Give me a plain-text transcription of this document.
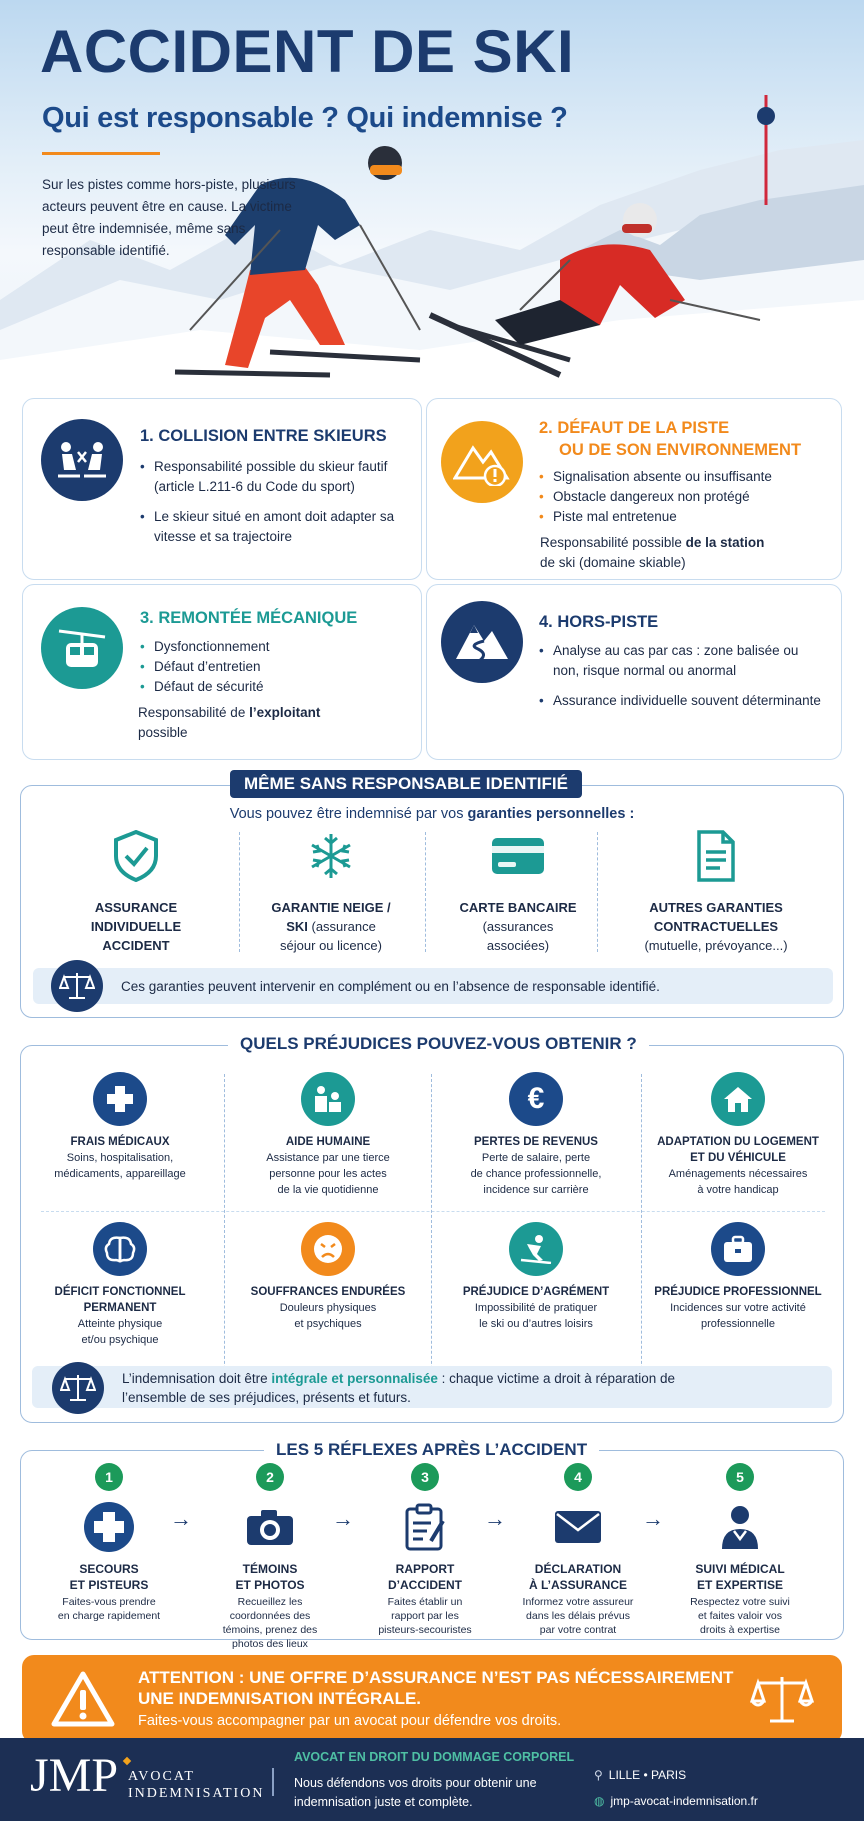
ACCIDENT DE SKI
Qui est responsable ? Qui indemnise ?
Sur les pistes comme hors-piste, plusieurs acteurs peuvent être en cause. La victime peut être indemnisée, même sans responsable identifié.
1. COLLISION ENTRE SKIEURS
• Responsabilité possible du skieur fautif (article L.211-6 du Code du sport)
• Le skieur situé en amont doit adapter sa vitesse et sa trajectoire
2. DÉFAUT DE LA PISTE
OU DE SON ENVIRONNEMENT
• Signalisation absente ou insuffisante
• Obstacle dangereux non protégé
• Piste mal entretenue
Responsabilité possible de la station
de ski (domaine skiable)
3. REMONTÉE MÉCANIQUE
• Dysfonctionnement
• Défaut d’entretien
• Défaut de sécurité
Responsabilité de l’exploitant
possible
4. HORS-PISTE
• Analyse au cas par cas : zone balisée ou non, risque normal ou anormal
• Assurance individuelle souvent déterminante
Vous pouvez être indemnisé par vos garanties personnelles :
ASSURANCE
INDIVIDUELLE
ACCIDENT
GARANTIE NEIGE /
SKI (assurance
séjour ou licence)
CARTE BANCAIRE
(assurances
associées)
AUTRES GARANTIES
CONTRACTUELLES
(mutuelle, prévoyance...)
Ces garanties peuvent intervenir en complément ou en l’absence de responsable identifié.
MÊME SANS RESPONSABLE IDENTIFIÉ
QUELS PRÉJUDICES POUVEZ-VOUS OBTENIR ?
FRAIS MÉDICAUX
Soins, hospitalisation,
médicaments, appareillage
AIDE HUMAINE
Assistance par une tierce
personne pour les actes
de la vie quotidienne
€
PERTES DE REVENUS
Perte de salaire, perte
de chance professionnelle,
incidence sur carrière
ADAPTATION DU LOGEMENT
ET DU VÉHICULE
Aménagements nécessaires
à votre handicap
DÉFICIT FONCTIONNEL
PERMANENT
Atteinte physique
et/ou psychique
SOUFFRANCES ENDURÉES
Douleurs physiques
et psychiques
PRÉJUDICE D’AGRÉMENT
Impossibilité de pratiquer
le ski ou d’autres loisirs
PRÉJUDICE PROFESSIONNEL
Incidences sur votre activité
professionnelle
L’indemnisation doit être intégrale et personnalisée : chaque victime a droit à réparation de
l’ensemble de ses préjudices, présents et futurs.
LES 5 RÉFLEXES APRÈS L’ACCIDENT
1
SECOURS
ET PISTEURS
Faites-vous prendre
en charge rapidement
→
2
TÉMOINS
ET PHOTOS
Recueillez les
coordonnées des
témoins, prenez des
photos des lieux
→
3
RAPPORT
D’ACCIDENT
Faites établir un
rapport par les
pisteurs-secouristes
→
4
DÉCLARATION
À L’ASSURANCE
Informez votre assureur
dans les délais prévus
par votre contrat
→
5
SUIVI MÉDICAL
ET EXPERTISE
Respectez votre suivi
et faites valoir vos
droits à expertise
ATTENTION : UNE OFFRE D’ASSURANCE N’EST PAS NÉCESSAIREMENT
UNE INDEMNISATION INTÉGRALE.
Faites-vous accompagner par un avocat pour défendre vos droits.
JMP AVOCAT
INDEMNISATION
AVOCAT EN DROIT DU DOMMAGE CORPOREL
Nous défendons vos droits pour obtenir une indemnisation juste et complète.
⚲ LILLE • PARIS
◍ jmp-avocat-indemnisation.fr
